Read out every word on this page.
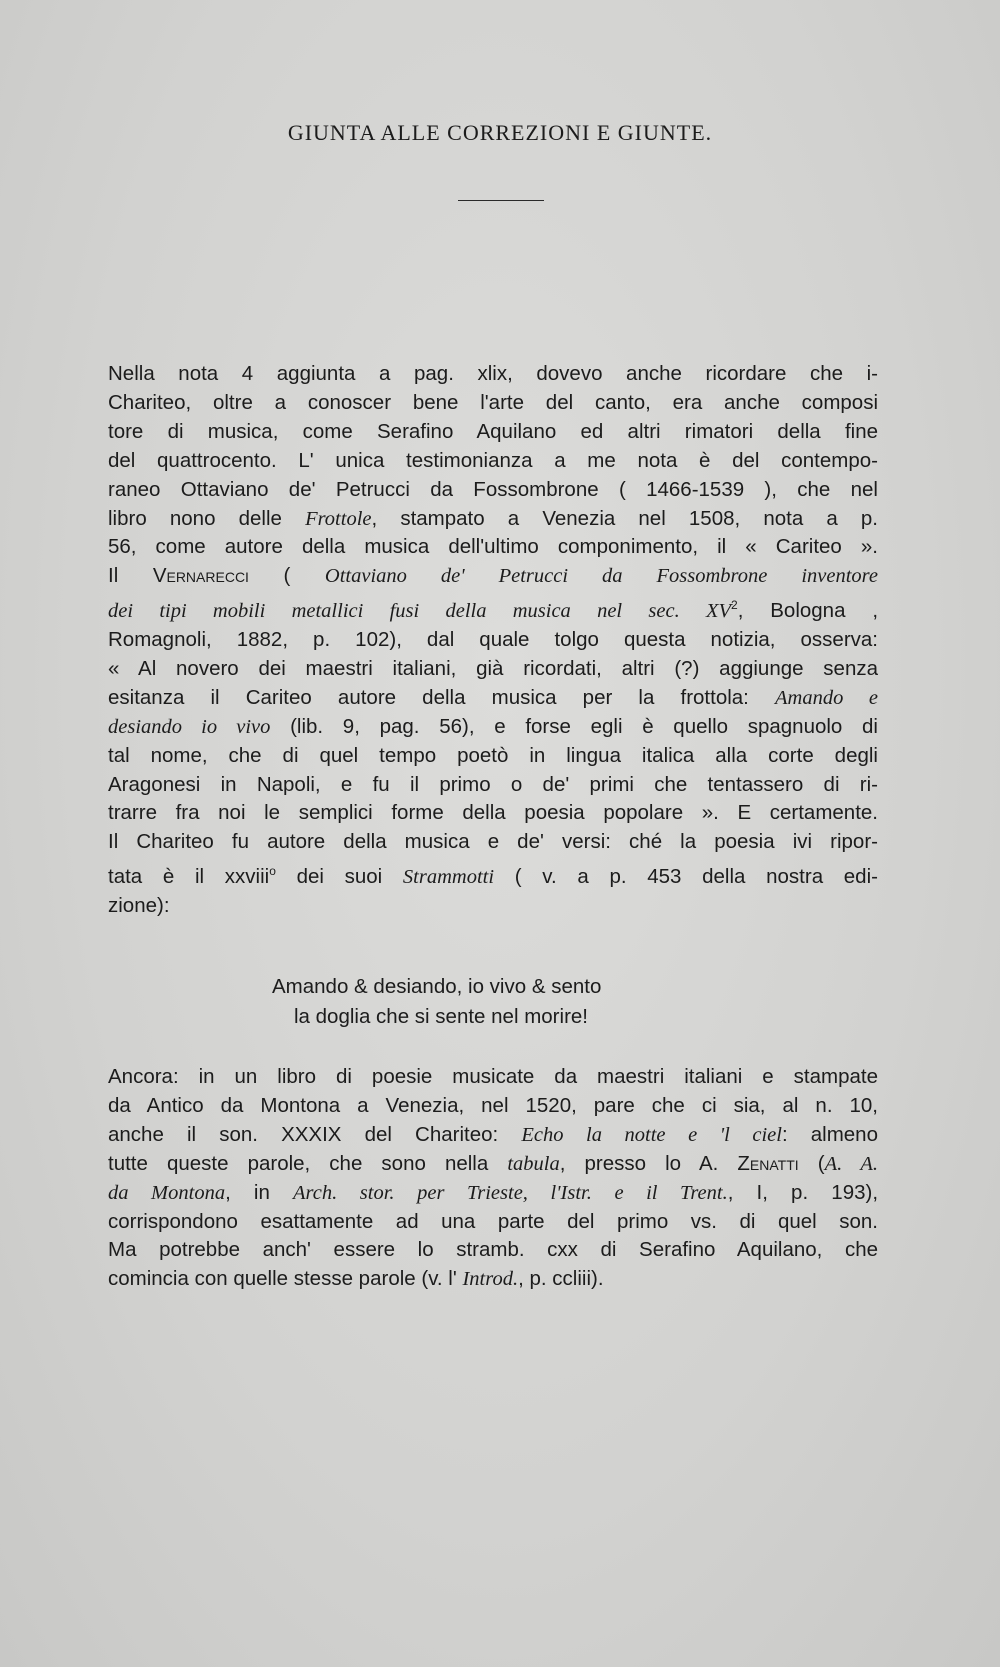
GIUNTA ALLE CORREZIONI E GIUNTE.
Nella nota 4 aggiunta a pag. xlix, dovevo anche ricordare che i-
Chariteo, oltre a conoscer bene l'arte del canto, era anche composi
tore di musica, come Serafino Aquilano ed altri rimatori della fine
del quattrocento. L' unica testimonianza a me nota è del contempo-
raneo Ottaviano de' Petrucci da Fossombrone ( 1466-1539 ), che nel
libro nono delle Frottole, stampato a Venezia nel 1508, nota a p.
56, come autore della musica dell'ultimo componimento, il « Cariteo ».
Il Vernarecci ( Ottaviano de' Petrucci da Fossombrone inventore
dei tipi mobili metallici fusi della musica nel sec. $XV^2$, Bologna ,
Romagnoli, 1882, p. 102), dal quale tolgo questa notizia, osserva:
« Al novero dei maestri italiani, già ricordati, altri (?) aggiunge senza
esitanza il Cariteo autore della musica per la frottola: Amando e
desiando io vivo (lib. 9, pag. 56), e forse egli è quello spagnuolo di
tal nome, che di quel tempo poetò in lingua italica alla corte degli
Aragonesi in Napoli, e fu il primo o de' primi che tentassero di ri-
trarre fra noi le semplici forme della poesia popolare ». E certamente.
Il Chariteo fu autore della musica e de' versi: ché la poesia ivi ripor-
tata è il xxviii$^o$ dei suoi Strammotti ( v. a p. 453 della nostra edi-
zione):
Amando & desiando, io vivo & sento
la doglia che si sente nel morire!
Ancora: in un libro di poesie musicate da maestri italiani e stampate
da Antico da Montona a Venezia, nel 1520, pare che ci sia, al n. 10,
anche il son. XXXIX del Chariteo: Echo la notte e 'l ciel: almeno
tutte queste parole, che sono nella tabula, presso lo A. Zenatti (A. A.
da Montona, in Arch. stor. per Trieste, l'Istr. e il Trent., I, p. 193),
corrispondono esattamente ad una parte del primo vs. di quel son.
Ma potrebbe anch' essere lo stramb. cxx di Serafino Aquilano, che
comincia con quelle stesse parole (v. l' Introd., p. ccliii).
